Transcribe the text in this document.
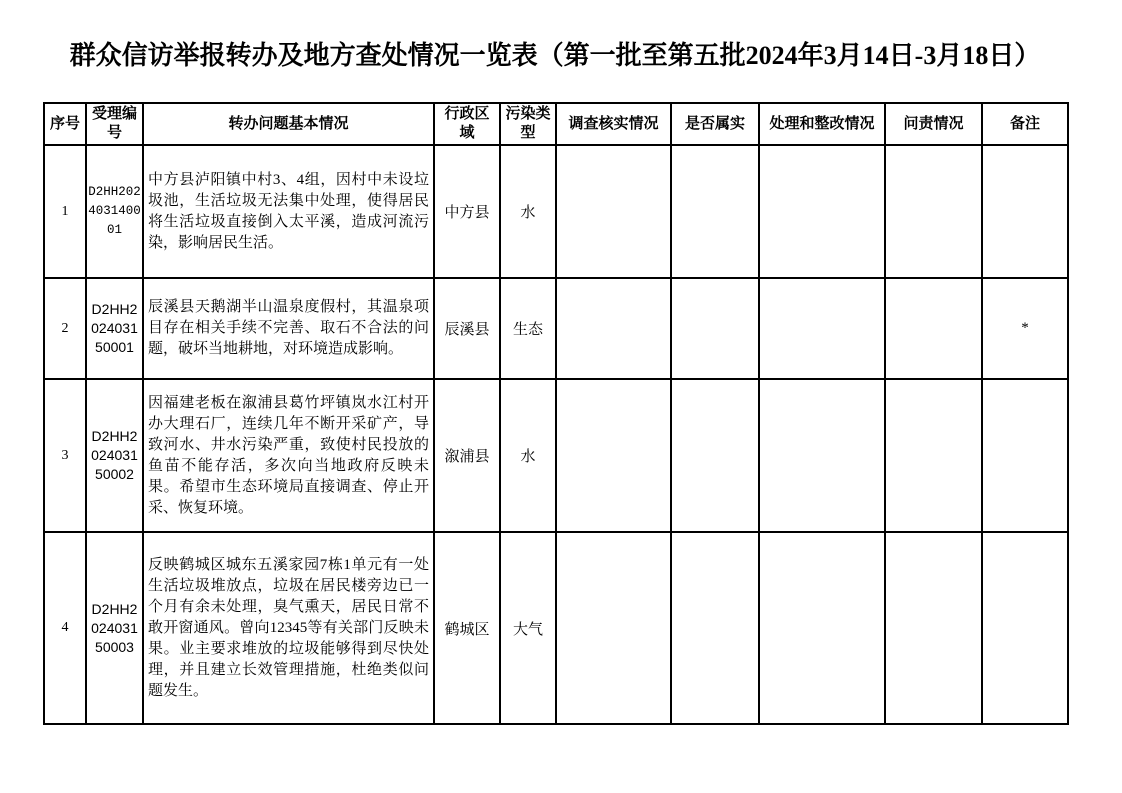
群众信访举报转办及地方查处情况一览表（第一批至第五批2024年3月14日-3月18日）
序号	受理编号	转办问题基本情况	行政区域	污染类型	调查核实情况	是否属实	处理和整改情况	问责情况	备注
1	D2HH202403140001	中方县泸阳镇中村3、4组，因村中未设垃圾池，生活垃圾无法集中处理，使得居民将生活垃圾直接倒入太平溪，造成河流污染，影响居民生活。	中方县	水					
2	D2HH202403150001	辰溪县天鹅湖半山温泉度假村，其温泉项目存在相关手续不完善、取石不合法的问题，破坏当地耕地，对环境造成影响。	辰溪县	生态					*
3	D2HH202403150002	因福建老板在溆浦县葛竹坪镇岚水江村开办大理石厂，连续几年不断开采矿产，导致河水、井水污染严重，致使村民投放的鱼苗不能存活，多次向当地政府反映未果。希望市生态环境局直接调查、停止开采、恢复环境。	溆浦县	水					
4	D2HH202403150003	反映鹤城区城东五溪家园7栋1单元有一处生活垃圾堆放点，垃圾在居民楼旁边已一个月有余未处理，臭气熏天，居民日常不敢开窗通风。曾向12345等有关部门反映未果。业主要求堆放的垃圾能够得到尽快处理，并且建立长效管理措施，杜绝类似问题发生。	鹤城区	大气					
